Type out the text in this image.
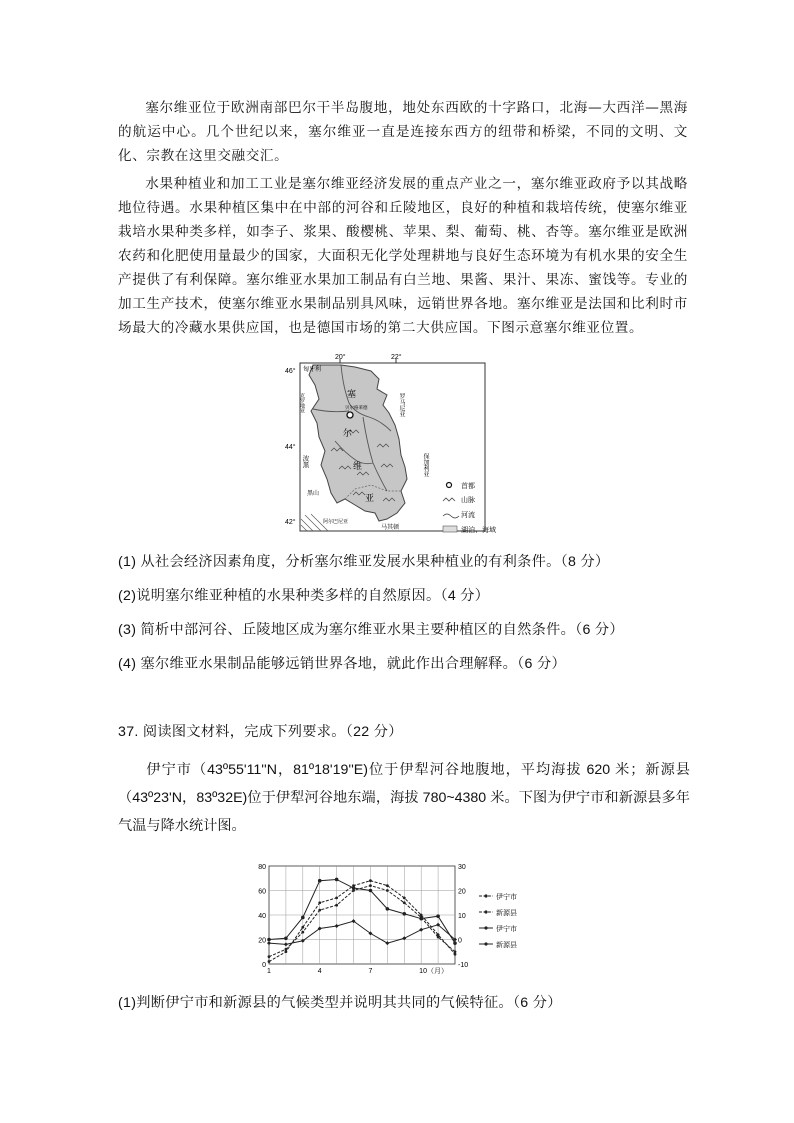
塞尔维亚位于欧洲南部巴尔干半岛腹地，地处东西欧的十字路口，北海—大西洋—黑海的航运中心。几个世纪以来，塞尔维亚一直是连接东西方的纽带和桥梁，不同的文明、文化、宗教在这里交融交汇。
水果种植业和加工工业是塞尔维亚经济发展的重点产业之一，塞尔维亚政府予以其战略地位待遇。水果种植区集中在中部的河谷和丘陵地区，良好的种植和栽培传统，使塞尔维亚栽培水果种类多样，如李子、浆果、酸樱桃、苹果、梨、葡萄、桃、杏等。塞尔维亚是欧洲农药和化肥使用量最少的国家，大面积无化学处理耕地与良好生态环境为有机水果的安全生产提供了有利保障。塞尔维亚水果加工制品有白兰地、果酱、果汁、果冻、蜜饯等。专业的加工生产技术，使塞尔维亚水果制品别具风味，远销世界各地。塞尔维亚是法国和比利时市场最大的冷藏水果供应国，也是德国市场的第二大供应国。下图示意塞尔维亚位置。
20°	22°
46°
44°
42°
塞
尔
维
亚
贝尔格莱德
匈牙利
克罗地亚	罗马尼亚
波黑	保加利亚
黑山
阿尔巴尼亚
马其顿
首都
山脉
河流
湖泊、海域
(1) 从社会经济因素角度，分析塞尔维亚发展水果种植业的有利条件。（8 分）
(2)说明塞尔维亚种植的水果种类多样的自然原因。（4 分）
(3) 简析中部河谷、丘陵地区成为塞尔维亚水果主要种植区的自然条件。（6 分）
(4) 塞尔维亚水果制品能够远销世界各地，就此作出合理解释。（6 分）
37. 阅读图文材料，完成下列要求。（22 分）
伊宁市（43º55'11''N，81º18'19''E)位于伊犁河谷地腹地，平均海拔 620 米；新源县（43º23'N，83º32E)位于伊犁河谷地东端，海拔 780~4380 米。下图为伊宁市和新源县多年气温与降水统计图。
0
20
40
60
80
-10
0
10
20
30
1	4	7	10（月）
伊宁市
新源县
伊宁市
新源县
(1)判断伊宁市和新源县的气候类型并说明其共同的气候特征。（6 分）
